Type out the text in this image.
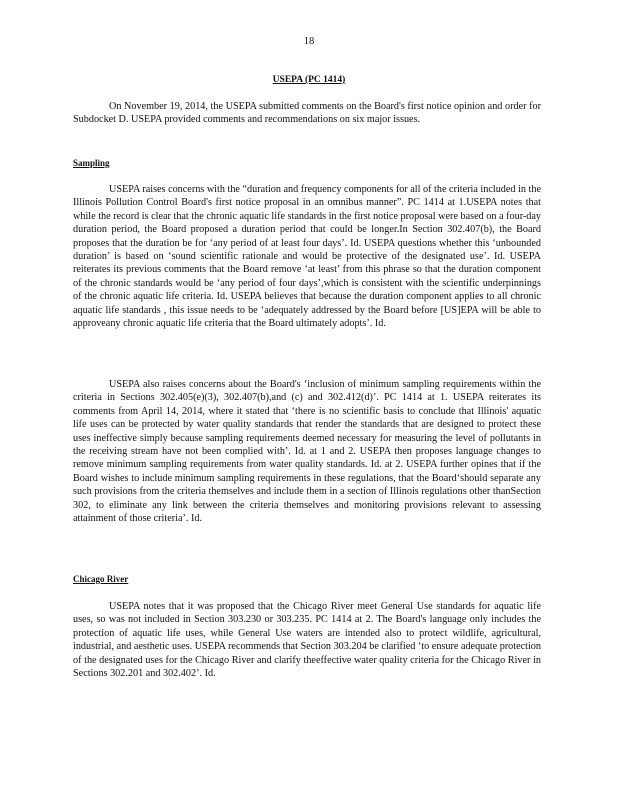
18
USEPA (PC 1414)

On November 19, 2014, the USEPA submitted comments on the Board's first notice opinion and order for Subdocket D. USEPA provided comments and recommendations on six major issues.

Sampling

USEPA raises concerns with the “duration and frequency components for all of the criteria included in the Illinois Pollution Control Board's first notice proposal in an omnibus manner”. PC 1414 at 1.USEPA notes that while the record is clear that the chronic aquatic life standards in the first notice proposal were based on a four-day duration period, the Board proposed a duration period that could be longer.In Section 302.407(b), the Board proposes that the duration be for ‘any period of at least four days’. Id. USEPA questions whether this ‘unbounded duration’ is based on ‘sound scientific rationale and would be protective of the designated use’. Id. USEPA reiterates its previous comments that the Board remove ‘at least’ from this phrase so that the duration component of the chronic standards would be ‘any period of four days’,which is consistent with the scientific underpinnings of the chronic aquatic life criteria. Id. USEPA believes that because the duration component applies to all chronic aquatic life standards , this issue needs to be ‘adequately addressed by the Board before [US]EPA will be able to approveany chronic aquatic life criteria that the Board ultimately adopts’. Id.

USEPA also raises concerns about the Board's ‘inclusion of minimum sampling requirements within the criteria in Sections 302.405(e)(3), 302.407(b),and (c) and 302.412(d)’. PC 1414 at 1. USEPA reiterates its comments from April 14, 2014, where it stated that ‘there is no scientific basis to conclude that Illinois' aquatic life uses can be protected by water quality standards that render the standards that are designed to protect these uses ineffective simply because sampling requirements deemed necessary for measuring the level of pollutants in the receiving stream have not been complied with’. Id. at 1 and 2. USEPA then proposes language changes to remove minimum sampling requirements from water quality standards. Id. at 2. USEPA further opines that if the Board wishes to include minimum sampling requirements in these regulations, that the Board‘should separate any such provisions from the criteria themselves and include them in a section of Illinois regulations other thanSection 302, to eliminate any link between the criteria themselves and monitoring provisions relevant to assessing attainment of those criteria’. Id.

Chicago River

USEPA notes that it was proposed that the Chicago River meet General Use standards for aquatic life uses, so was not included in Section 303.230 or 303.235. PC 1414 at 2. The Board's language only includes the protection of aquatic life uses, while General Use waters are intended also to protect wildlife, agricultural, industrial, and aesthetic uses. USEPA recommends that Section 303.204 be clarified ‘to ensure adequate protection of the designated uses for the Chicago River and clarify theeffective water quality criteria for the Chicago River in Sections 302.201 and 302.402’. Id.
